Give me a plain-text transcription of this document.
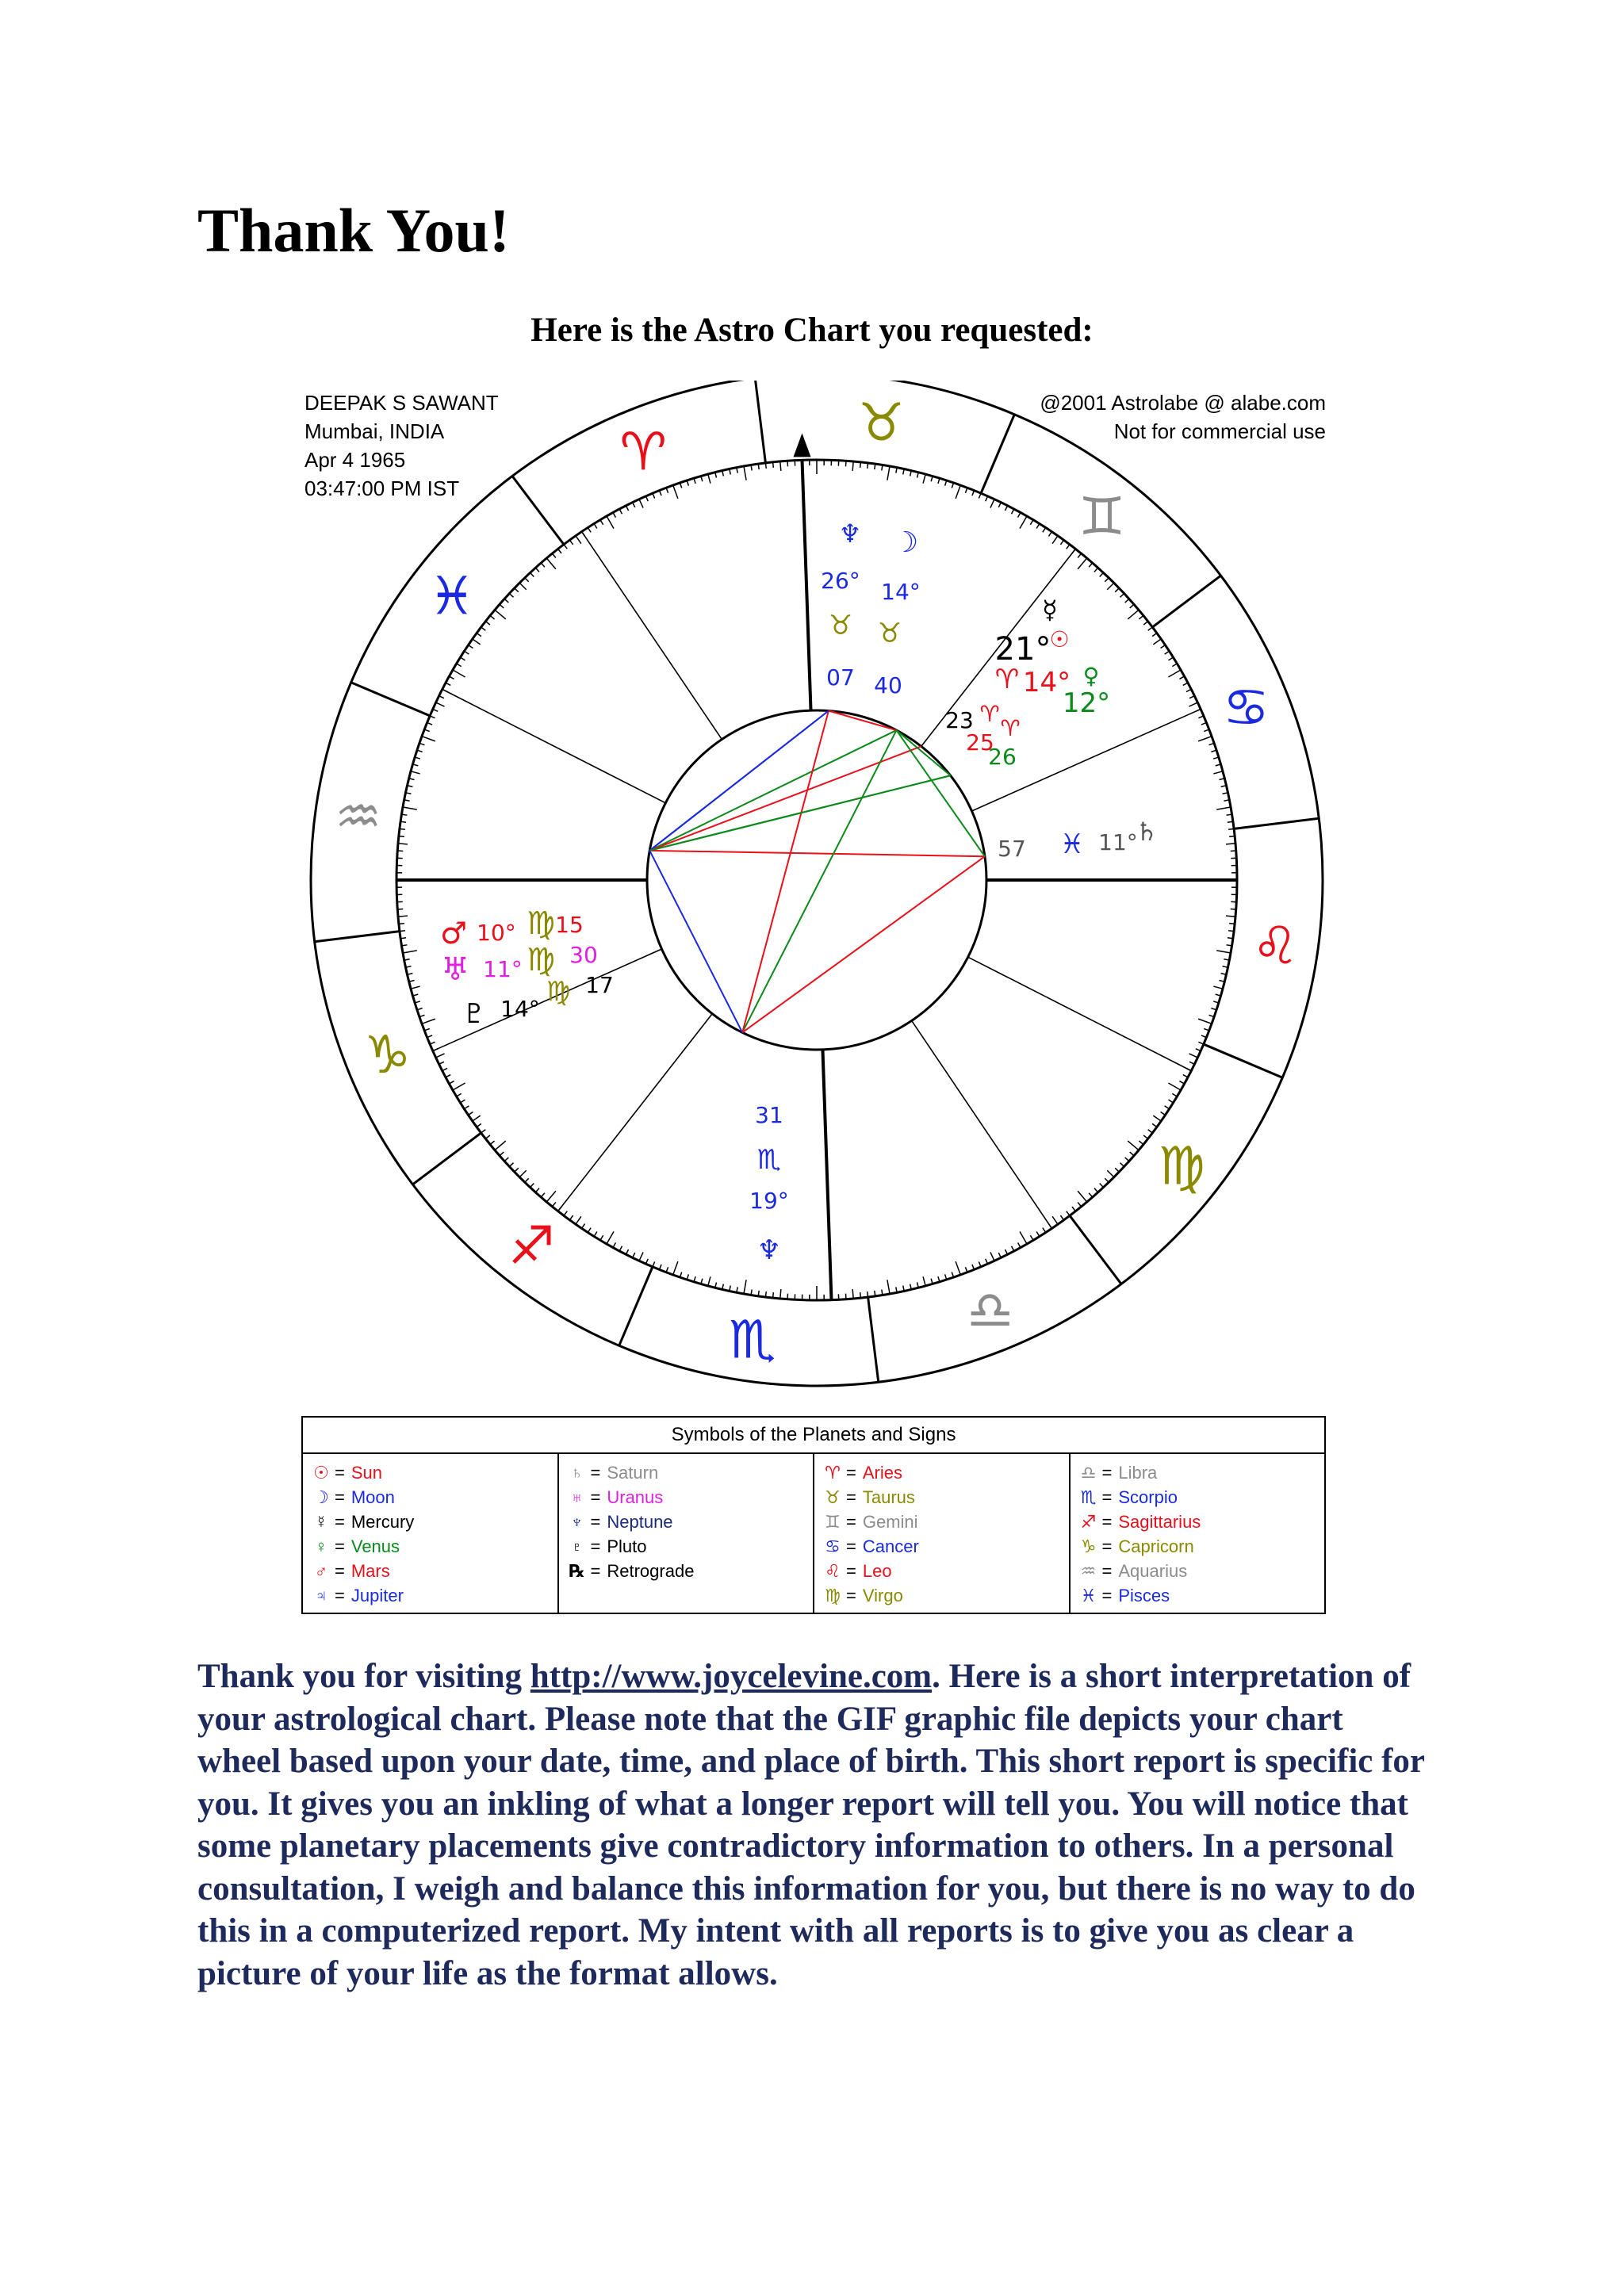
Thank You!
Here is the Astro Chart you requested:
DEEPAK S SAWANT
Mumbai, INDIA
Apr 4 1965
03:47:00 PM IST
@2001 Astrolabe @ alabe.com
Not for commercial use
♉
♈
♓
♒
♑
♐
♏	♎
♍
♌
♋
♊
♆ ☽
26° 14°
♉ ♉
07 40
☿
21°
☉
♈ 14° ♀
♈ 12°
23 ♈
25
26
57 ♓ 11°
♄
♂ 10° ♍ 15
♅ 11° ♍ 30
♍ 17
♇ 14°
31
♏
19°
♆
Symbols of the Planets and Signs
☉ = Sun
☽ = Moon
☿ = Mercury
♀ = Venus
♂ = Mars
♃ = Jupiter
♄ = Saturn
♅ = Uranus
♆ = Neptune
♇ = Pluto
℞ = Retrograde
♈ = Aries
♉ = Taurus
♊ = Gemini
♋ = Cancer
♌ = Leo
♍ = Virgo
♎ = Libra
♏ = Scorpio
♐ = Sagittarius
♑ = Capricorn
♒ = Aquarius
♓ = Pisces

Thank you for visiting http://www.joycelevine.com. Here is a short interpretation of your astrological chart. Please note that the GIF graphic file depicts your chart wheel based upon your date, time, and place of birth. This short report is specific for you. It gives you an inkling of what a longer report will tell you. You will notice that some planetary placements give contradictory information to others. In a personal consultation, I weigh and balance this information for you, but there is no way to do this in a computerized report. My intent with all reports is to give you as clear a picture of your life as the format allows.
